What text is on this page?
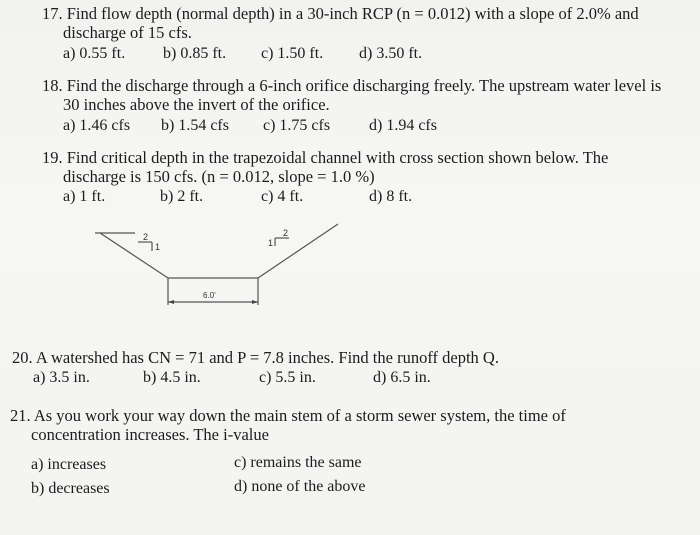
17. Find flow depth (normal depth) in a 30-inch RCP (n = 0.012) with a slope of 2.0% and
discharge of 15 cfs.
a) 0.55 ft. b) 0.85 ft. c) 1.50 ft. d) 3.50 ft.
18. Find the discharge through a 6-inch orifice discharging freely. The upstream water level is
30 inches above the invert of the orifice.
a) 1.46 cfs b) 1.54 cfs c) 1.75 cfs d) 1.94 cfs
19. Find critical depth in the trapezoidal channel with cross section shown below. The
discharge is 150 cfs. (n = 0.012, slope = 1.0 %)
a) 1 ft.	b) 2 ft.	c) 4 ft.	d) 8 ft.
2
1
2
1
6.0'
20. A watershed has CN = 71 and P = 7.8 inches. Find the runoff depth Q.
a) 3.5 in.	b) 4.5 in.	c) 5.5 in.	d) 6.5 in.
21. As you work your way down the main stem of a storm sewer system, the time of
concentration increases. The i-value
a) increases
b) decreases
c) remains the same
d) none of the above
